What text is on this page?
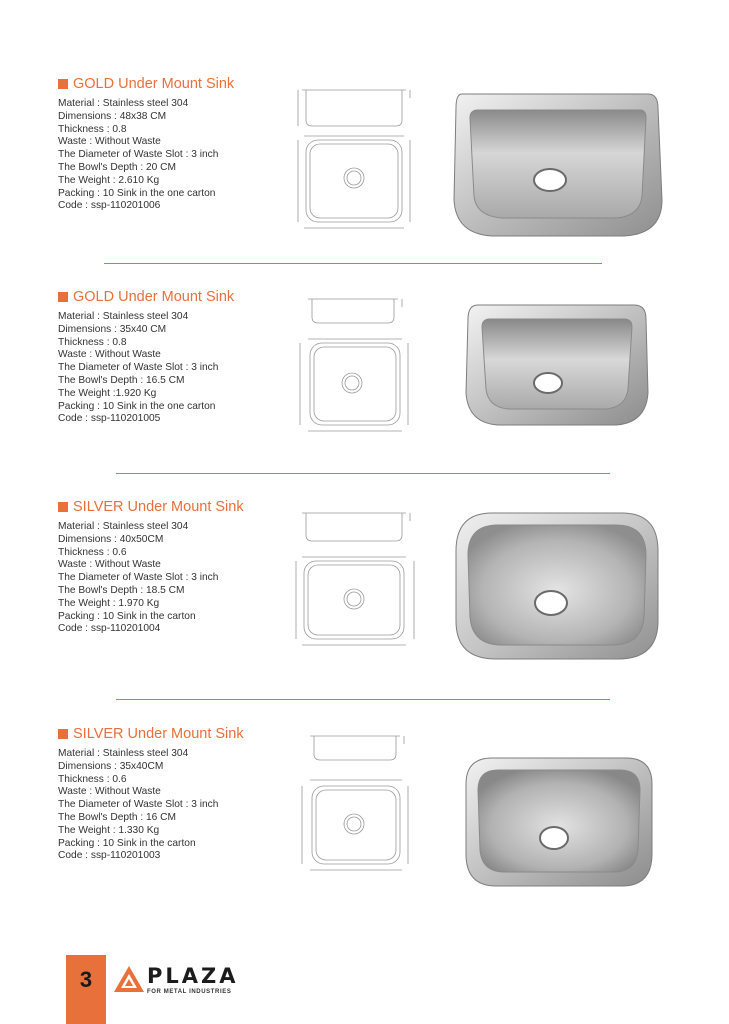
GOLD Under Mount Sink
Material : Stainless steel 304
Dimensions : 48x38 CM
Thickness : 0.8
Waste : Without Waste
The Diameter of Waste Slot : 3 inch
The Bowl's Depth : 20 CM
The Weight : 2.610 Kg
Packing : 10 Sink in the one carton
Code : ssp-110201006
GOLD Under Mount Sink
Material : Stainless steel 304
Dimensions : 35x40 CM
Thickness : 0.8
Waste : Without Waste
The Diameter of Waste Slot : 3 inch
The Bowl's Depth : 16.5 CM
The Weight :1.920 Kg
Packing : 10 Sink in the one carton
Code : ssp-110201005
SILVER Under Mount Sink
Material : Stainless steel 304
Dimensions : 40x50CM
Thickness : 0.6
Waste : Without Waste
The Diameter of Waste Slot : 3 inch
The Bowl's Depth : 18.5 CM
The Weight : 1.970 Kg
Packing : 10 Sink in the carton
Code : ssp-110201004
SILVER Under Mount Sink
Material : Stainless steel 304
Dimensions : 35x40CM
Thickness : 0.6
Waste : Without Waste
The Diameter of Waste Slot : 3 inch
The Bowl's Depth : 16 CM
The Weight : 1.330 Kg
Packing : 10 Sink in the carton
Code : ssp-110201003
3	PLAZA
FOR METAL INDUSTRIES
